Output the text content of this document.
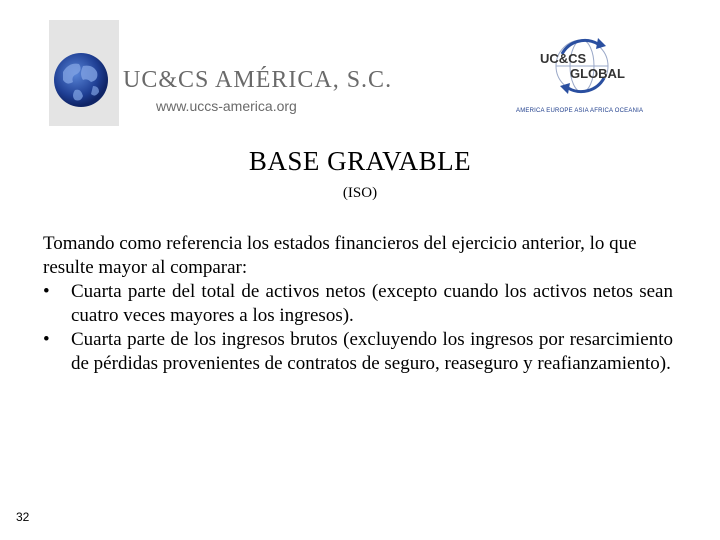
UC&CS AMÉRICA, S.C.
www.uccs-america.org
UC&CS
GLOBAL
AMERICA EUROPE ASIA AFRICA OCEANIA
BASE GRAVABLE
(ISO)

Tomando como referencia los estados financieros del ejercicio anterior, lo que resulte mayor al comparar:

• Cuarta parte del total de activos netos (excepto cuando los activos netos sean cuatro veces mayores a los ingresos).
• Cuarta parte de los ingresos brutos (excluyendo los ingresos por resarcimiento de pérdidas provenientes de contratos de seguro, reaseguro y reafianzamiento).
32
